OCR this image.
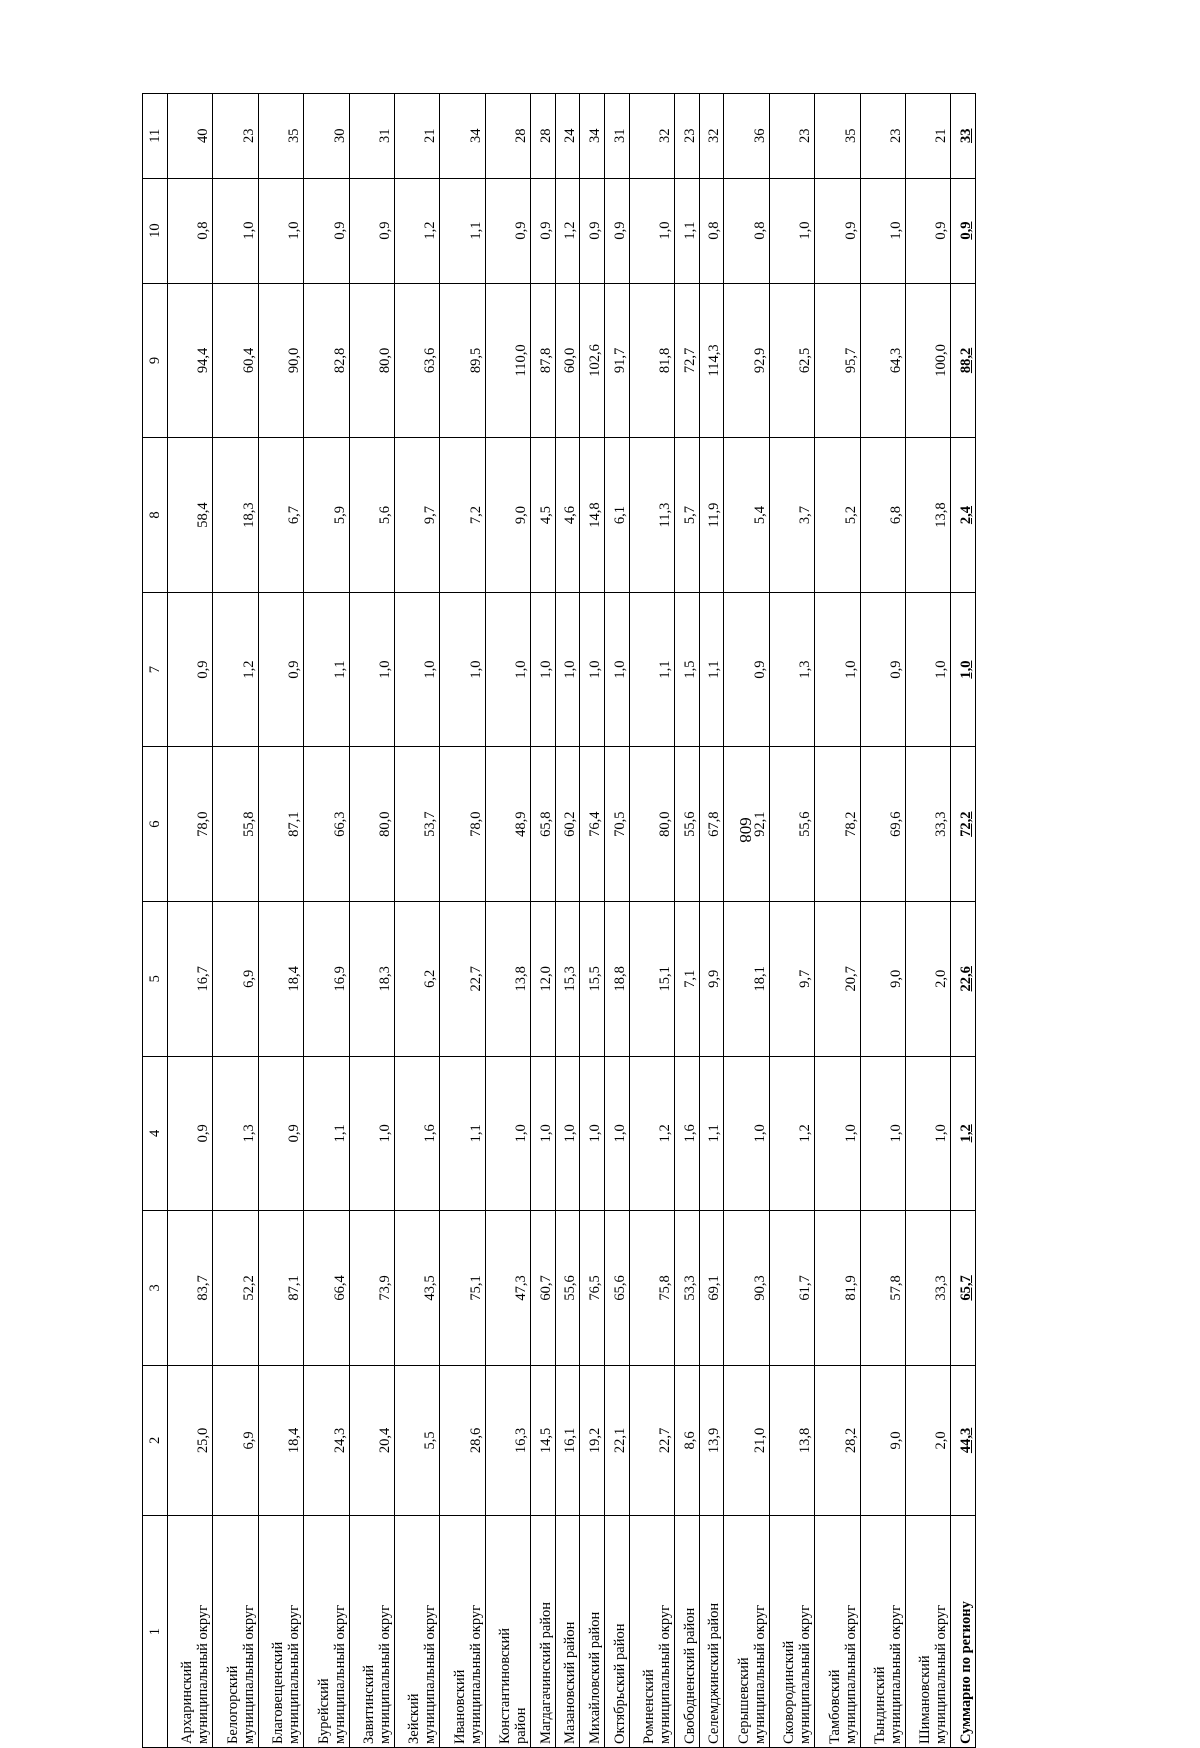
608
1	2	3	4	5	6	7	8	9	10	11

Архаринский муниципальный округ	25,0	83,7	0,9	16,7	78,0	0,9	58,4	94,4	0,8	40

Белогорский муниципальный округ	6,9	52,2	1,3	6,9	55,8	1,2	18,3	60,4	1,0	23

Благовещенский муниципальный округ	18,4	87,1	0,9	18,4	87,1	0,9	6,7	90,0	1,0	35

Бурейский муниципальный округ	24,3	66,4	1,1	16,9	66,3	1,1	5,9	82,8	0,9	30

Завитинский муниципальный округ	20,4	73,9	1,0	18,3	80,0	1,0	5,6	80,0	0,9	31

Зейский муниципальный округ	5,5	43,5	1,6	6,2	53,7	1,0	9,7	63,6	1,2	21

Ивановский муниципальный округ	28,6	75,1	1,1	22,7	78,0	1,0	7,2	89,5	1,1	34

Константиновский район	16,3	47,3	1,0	13,8	48,9	1,0	9,0	110,0	0,9	28

Магдагачинский район	14,5	60,7	1,0	12,0	65,8	1,0	4,5	87,8	0,9	28

Мазановский район	16,1	55,6	1,0	15,3	60,2	1,0	4,6	60,0	1,2	24

Михайловский район	19,2	76,5	1,0	15,5	76,4	1,0	14,8	102,6	0,9	34

Октябрьский район	22,1	65,6	1,0	18,8	70,5	1,0	6,1	91,7	0,9	31

Ромненский муниципальный округ	22,7	75,8	1,2	15,1	80,0	1,1	11,3	81,8	1,0	32

Свободненский район	8,6	53,3	1,6	7,1	55,6	1,5	5,7	72,7	1,1	23

Селемджинский район	13,9	69,1	1,1	9,9	67,8	1,1	11,9	114,3	0,8	32

Серышевский муниципальный округ	21,0	90,3	1,0	18,1	92,1	0,9	5,4	92,9	0,8	36

Сковородинский муниципальный округ	13,8	61,7	1,2	9,7	55,6	1,3	3,7	62,5	1,0	23

Тамбовский муниципальный округ	28,2	81,9	1,0	20,7	78,2	1,0	5,2	95,7	0,9	35

Тындинский муниципальный округ	9,0	57,8	1,0	9,0	69,6	0,9	6,8	64,3	1,0	23

Шимановский муниципальный округ	2,0	33,3	1,0	2,0	33,3	1,0	13,8	100,0	0,9	21
Суммарно по региону	44,3	65,7	1,2	22,6	72,2	1,0	2,4	88,2	0,9	33
